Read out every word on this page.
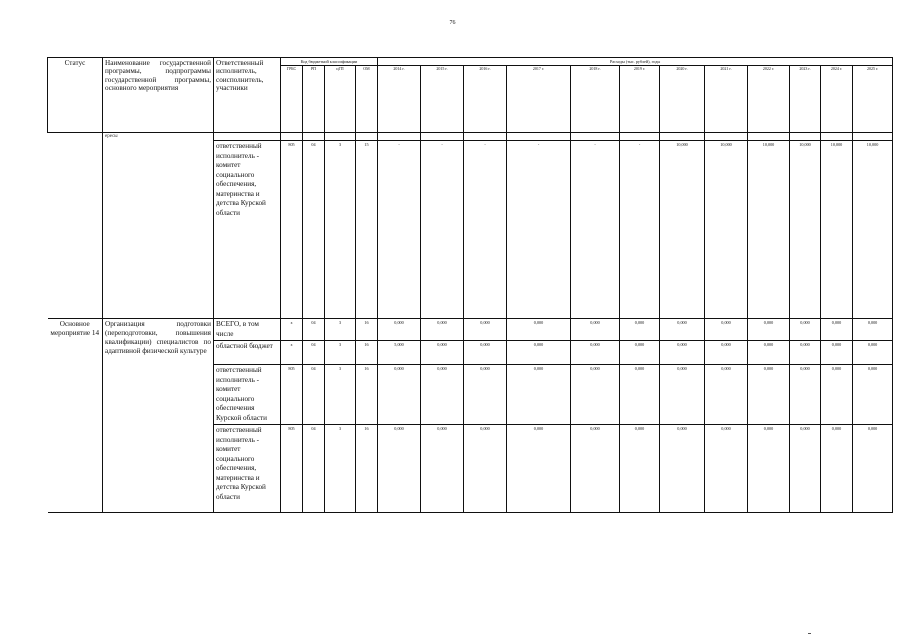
76
Статус	Наименование государственной программы, подпрограммы государственной программы, основного мероприятия	Ответственный исполнитель, соисполнитель, участники	Код бюджетной классификации				Расходы (тыс. рублей), годы											
			ГРБС	РП	цГП	ОМ	2014 г.	2015 г.	2016 г.	2017 г.	2018 г.	2019 г.	2020 г.	2021 г.	2022 г.	2023 г.	2024 г.	2025 г.
	ересы																	
		ответственный исполнитель - комитет социального обеспечения, материнства и детства Курской области	805	04	3	15	-	-	-	-	-	-	10,000	10,000	10,000	10,000	10,000	10,000
Основное мероприятие 14	Организация подготовки (переподготовки, повышения квалификации) специалистов по адаптивной физической культуре	ВСЕГО, в том числе	x	04	3	16	0,000	0,000	0,000	0,000	0,000	0,000	0,000	0,000	0,000	0,000	0,000	0,000
		областной бюджет	x	04	3	16	5,000	0,000	0,000	0,000	0,000	0,000	0,000	0,000	0,000	0,000	0,000	0,000
		ответственный исполнитель - комитет социального обеспечения Курской области	805	04	3	16	0,000	0,000	0,000	0,000	0,000	0,000	0,000	0,000	0,000	0,000	0,000	0,000
		ответственный исполнитель - комитет социального обеспечения, материнства и детства Курской области	805	04	3	16	0,000	0,000	0,000	0,000	0,000	0,000	0,000	0,000	0,000	0,000	0,000	0,000
